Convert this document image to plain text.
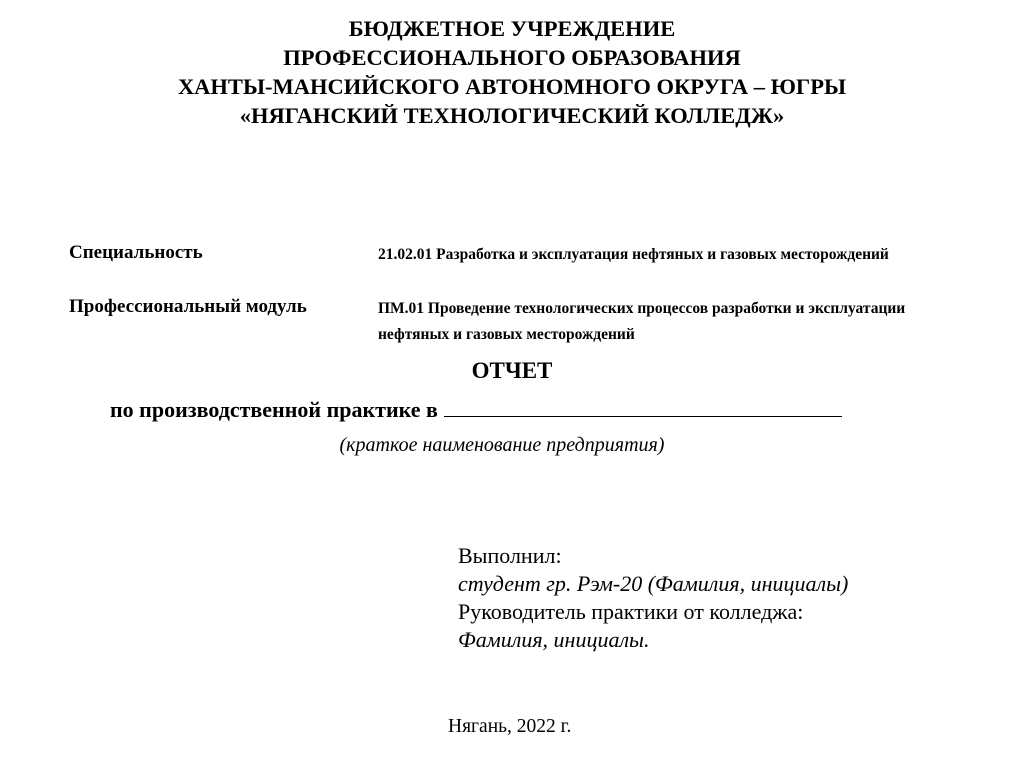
БЮДЖЕТНОЕ УЧРЕЖДЕНИЕ
ПРОФЕССИОНАЛЬНОГО ОБРАЗОВАНИЯ
ХАНТЫ-МАНСИЙСКОГО АВТОНОМНОГО ОКРУГА – ЮГРЫ
«НЯГАНСКИЙ ТЕХНОЛОГИЧЕСКИЙ КОЛЛЕДЖ»
Специальность	21.02.01 Разработка и эксплуатация нефтяных и газовых месторождений
Профессиональный модуль	ПМ.01 Проведение технологических процессов разработки и эксплуатации нефтяных и газовых месторождений
ОТЧЕТ
по производственной практике в
(краткое наименование предприятия)
Выполнил:
студент гр. Рэм-20 (Фамилия, инициалы)
Руководитель практики от колледжа:
Фамилия, инициалы.
Нягань, 2022 г.
